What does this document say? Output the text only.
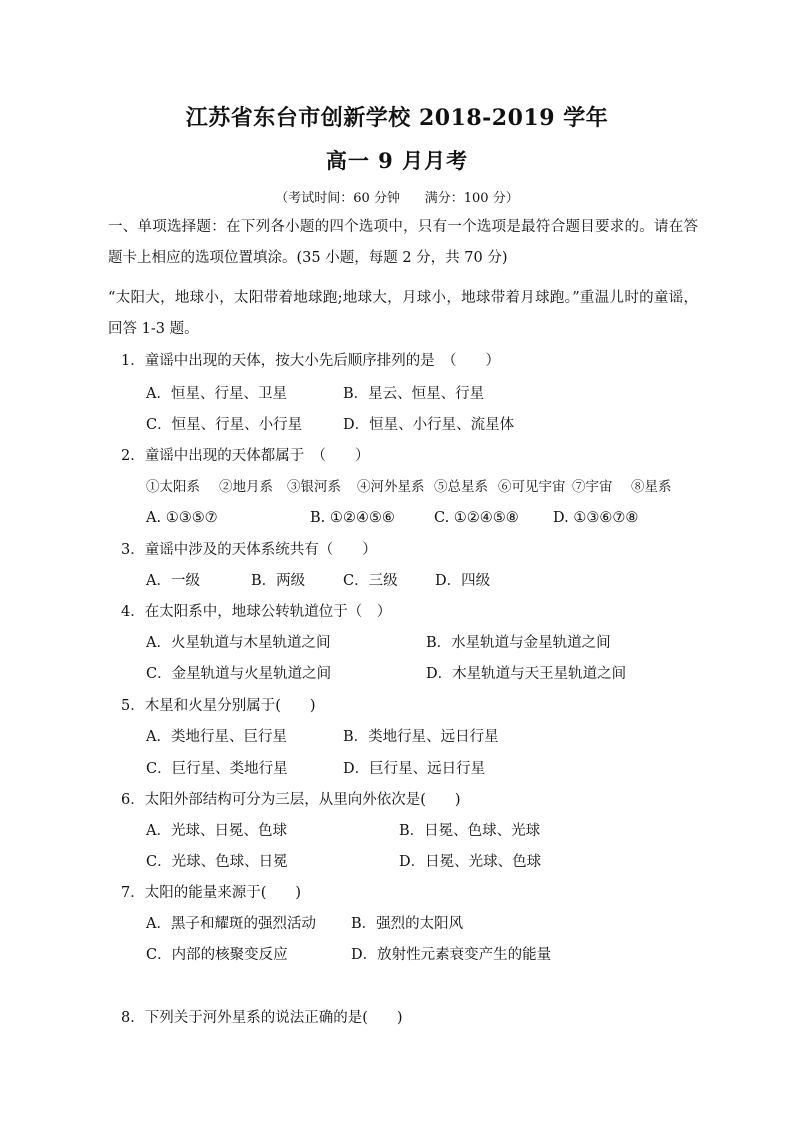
江苏省东台市创新学校 2018-2019 学年
高一 9 月月考
（考试时间：60 分钟 满分：100 分）
一、单项选择题：在下列各小题的四个选项中，只有一个选项是最符合题目要求的。请在答题卡上相应的选项位置填涂。(35 小题，每题 2 分，共 70 分)
“太阳大，地球小，太阳带着地球跑;地球大，月球小，地球带着月球跑。”重温儿时的童谣，回答 1-3 题。
1．童谣中出现的天体，按大小先后顺序排列的是　（　　）
A．恒星、行星、卫星	B．星云、恒星、行星
C．恒星、行星、小行星	D．恒星、小行星、流星体
2．童谣中出现的天体都属于　（　　）
①太阳系 ②地月系 ③银河系 ④河外星系 ⑤总星系 ⑥可见宇宙 ⑦宇宙 ⑧星系
A. ①③⑤⑦	B. ①②④⑤⑥	C. ①②④⑤⑧ D. ①③⑥⑦⑧
3．童谣中涉及的天体系统共有（　　）
A．一级	B．两级	C．三级	D．四级
4．在太阳系中，地球公转轨道位于（　）
A．火星轨道与木星轨道之间	B．水星轨道与金星轨道之间
C．金星轨道与火星轨道之间	D．木星轨道与天王星轨道之间
5．木星和火星分别属于(　　)
A．类地行星、巨行星	B．类地行星、远日行星
C．巨行星、类地行星	D．巨行星、远日行星
6．太阳外部结构可分为三层，从里向外依次是(　　)
A．光球、日冕、色球	B．日冕、色球、光球
C．光球、色球、日冕	D．日冕、光球、色球
7．太阳的能量来源于(　　)
A．黑子和耀斑的强烈活动 B．强烈的太阳风
C．内部的核聚变反应	D．放射性元素衰变产生的能量
8．下列关于河外星系的说法正确的是(　　)
